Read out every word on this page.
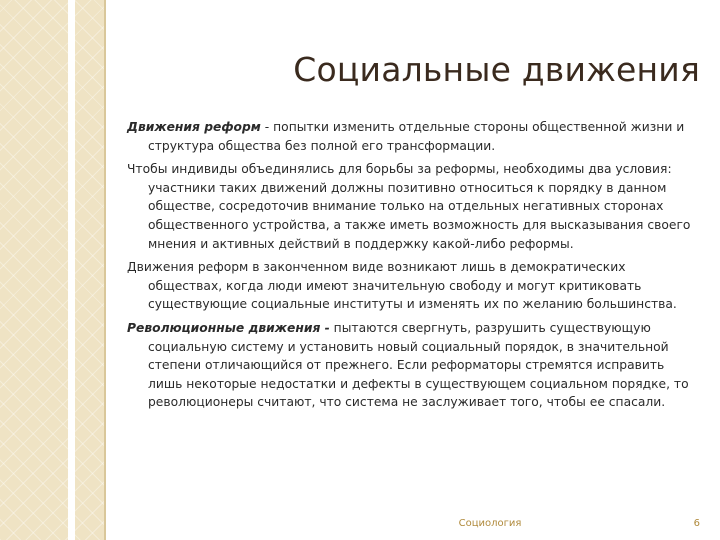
Социальные движения

Движения реформ - попытки изменить отдельные стороны общественной жизни и структура общества без полной его трансформации.

Чтобы индивиды объединялись для борьбы за реформы, необходимы два условия: участники таких движений должны позитивно относиться к порядку в данном обществе, сосредоточив внимание только на отдельных негативных сторонах общественного устройства, а также иметь возможность для высказывания своего мнения и активных действий в поддержку какой-либо реформы.

Движения реформ в законченном виде возникают лишь в демократических обществах, когда люди имеют значительную свободу и могут критиковать существующие социальные институты и изменять их по желанию большинства.

Революционные движения - пытаются свергнуть, разрушить существующую социальную систему и установить новый социальный порядок, в значительной степени отличающийся от прежнего. Если реформаторы стремятся исправить лишь некоторые недостатки и дефекты в существующем социальном порядке, то революционеры считают, что система не заслуживает того, чтобы ее спасали.

Социология	6
